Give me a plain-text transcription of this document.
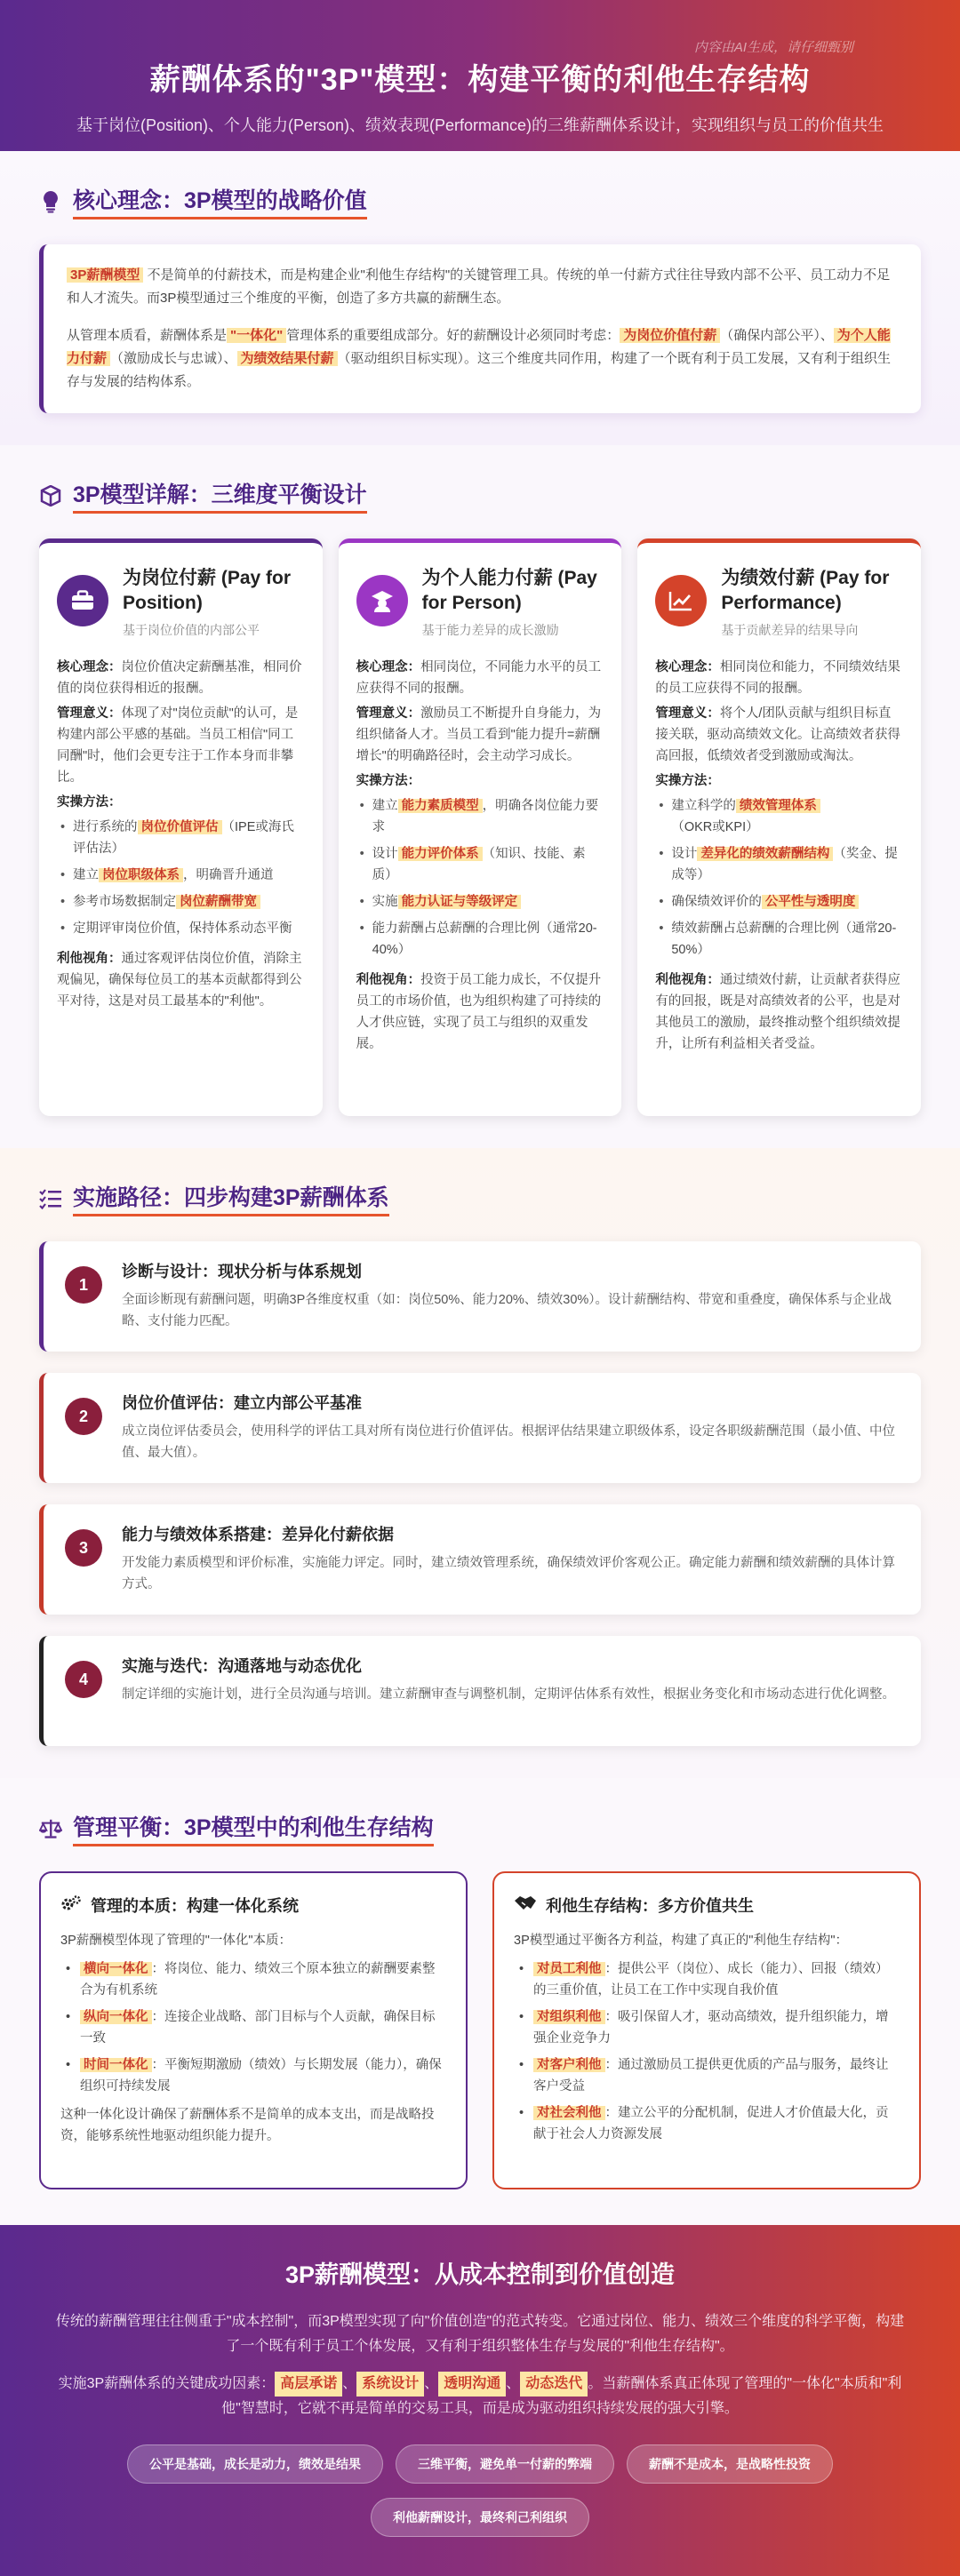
内容由AI生成，请仔细甄别
薪酬体系的"3P"模型：构建平衡的利他生存结构

基于岗位(Position)、个人能力(Person)、绩效表现(Performance)的三维薪酬体系设计，实现组织与员工的价值共生

核心理念：3P模型的战略价值

3P薪酬模型 不是简单的付薪技术，而是构建企业"利他生存结构"的关键管理工具。传统的单一付薪方式往往导致内部不公平、员工动力不足和人才流失。而3P模型通过三个维度的平衡，创造了多方共赢的薪酬生态。

从管理本质看，薪酬体系是 "一体化" 管理体系的重要组成部分。好的薪酬设计必须同时考虑： 为岗位价值付薪 （确保内部公平）、 为个人能力付薪 （激励成长与忠诚）、 为绩效结果付薪 （驱动组织目标实现）。这三个维度共同作用，构建了一个既有利于员工发展，又有利于组织生存与发展的结构体系。

3P模型详解：三维度平衡设计
为岗位付薪 (Pay for Position)
基于岗位价值的内部公平

核心理念：岗位价值决定薪酬基准，相同价值的岗位获得相近的报酬。

管理意义：体现了对"岗位贡献"的认可，是构建内部公平感的基础。当员工相信"同工同酬"时，他们会更专注于工作本身而非攀比。

实操方法：

• 进行系统的 岗位价值评估 （IPE或海氏评估法）
• 建立 岗位职级体系 ，明确晋升通道
• 参考市场数据制定 岗位薪酬带宽
• 定期评审岗位价值，保持体系动态平衡

利他视角：通过客观评估岗位价值，消除主观偏见，确保每位员工的基本贡献都得到公平对待，这是对员工最基本的"利他"。

为个人能力付薪 (Pay for Person)
基于能力差异的成长激励

核心理念：相同岗位，不同能力水平的员工应获得不同的报酬。

管理意义：激励员工不断提升自身能力，为组织储备人才。当员工看到"能力提升=薪酬增长"的明确路径时，会主动学习成长。

实操方法：

• 建立 能力素质模型 ，明确各岗位能力要求
• 设计 能力评价体系 （知识、技能、素质）
• 实施 能力认证与等级评定
• 能力薪酬占总薪酬的合理比例（通常20-40%）

利他视角：投资于员工能力成长，不仅提升员工的市场价值，也为组织构建了可持续的人才供应链，实现了员工与组织的双重发展。

为绩效付薪 (Pay for Performance)
基于贡献差异的结果导向

核心理念：相同岗位和能力，不同绩效结果的员工应获得不同的报酬。

管理意义：将个人/团队贡献与组织目标直接关联，驱动高绩效文化。让高绩效者获得高回报，低绩效者受到激励或淘汰。

实操方法：

• 建立科学的 绩效管理体系（OKR或KPI）
• 设计 差异化的绩效薪酬结构 （奖金、提成等）
• 确保绩效评价的 公平性与透明度
• 绩效薪酬占总薪酬的合理比例（通常20-50%）

利他视角：通过绩效付薪，让贡献者获得应有的回报，既是对高绩效者的公平，也是对其他员工的激励，最终推动整个组织绩效提升，让所有利益相关者受益。

实施路径：四步构建3P薪酬体系
1
诊断与设计：现状分析与体系规划

全面诊断现有薪酬问题，明确3P各维度权重（如：岗位50%、能力20%、绩效30%）。设计薪酬结构、带宽和重叠度，确保体系与企业战略、支付能力匹配。

2
岗位价值评估：建立内部公平基准

成立岗位评估委员会，使用科学的评估工具对所有岗位进行价值评估。根据评估结果建立职级体系，设定各职级薪酬范围（最小值、中位值、最大值）。

3
能力与绩效体系搭建：差异化付薪依据

开发能力素质模型和评价标准，实施能力评定。同时，建立绩效管理系统，确保绩效评价客观公正。确定能力薪酬和绩效薪酬的具体计算方式。

4
实施与迭代：沟通落地与动态优化

制定详细的实施计划，进行全员沟通与培训。建立薪酬审查与调整机制，定期评估体系有效性，根据业务变化和市场动态进行优化调整。

管理平衡：3P模型中的利他生存结构
管理的本质：构建一体化系统

3P薪酬模型体现了管理的"一体化"本质：

• 横向一体化 ：将岗位、能力、绩效三个原本独立的薪酬要素整合为有机系统
• 纵向一体化 ：连接企业战略、部门目标与个人贡献，确保目标一致
• 时间一体化 ：平衡短期激励（绩效）与长期发展（能力），确保组织可持续发展

这种一体化设计确保了薪酬体系不是简单的成本支出，而是战略投资，能够系统性地驱动组织能力提升。

利他生存结构：多方价值共生

3P模型通过平衡各方利益，构建了真正的"利他生存结构"：

• 对员工利他 ：提供公平（岗位）、成长（能力）、回报（绩效）的三重价值，让员工在工作中实现自我价值
• 对组织利他 ：吸引保留人才，驱动高绩效，提升组织能力，增强企业竞争力
• 对客户利他 ：通过激励员工提供更优质的产品与服务，最终让客户受益
• 对社会利他 ：建立公平的分配机制，促进人才价值最大化，贡献于社会人力资源发展
3P薪酬模型：从成本控制到价值创造

传统的薪酬管理往往侧重于"成本控制"，而3P模型实现了向"价值创造"的范式转变。它通过岗位、能力、绩效三个维度的科学平衡，构建了一个既有利于员工个体发展，又有利于组织整体生存与发展的"利他生存结构"。

实施3P薪酬体系的关键成功因素： 高层承诺 、 系统设计 、 透明沟通 、 动态迭代 。当薪酬体系真正体现了管理的"一体化"本质和"利他"智慧时，它就不再是简单的交易工具，而是成为驱动组织持续发展的强大引擎。

公平是基础，成长是动力，绩效是结果	三维平衡，避免单一付薪的弊端	薪酬不是成本，是战略性投资
利他薪酬设计，最终利己利组织
